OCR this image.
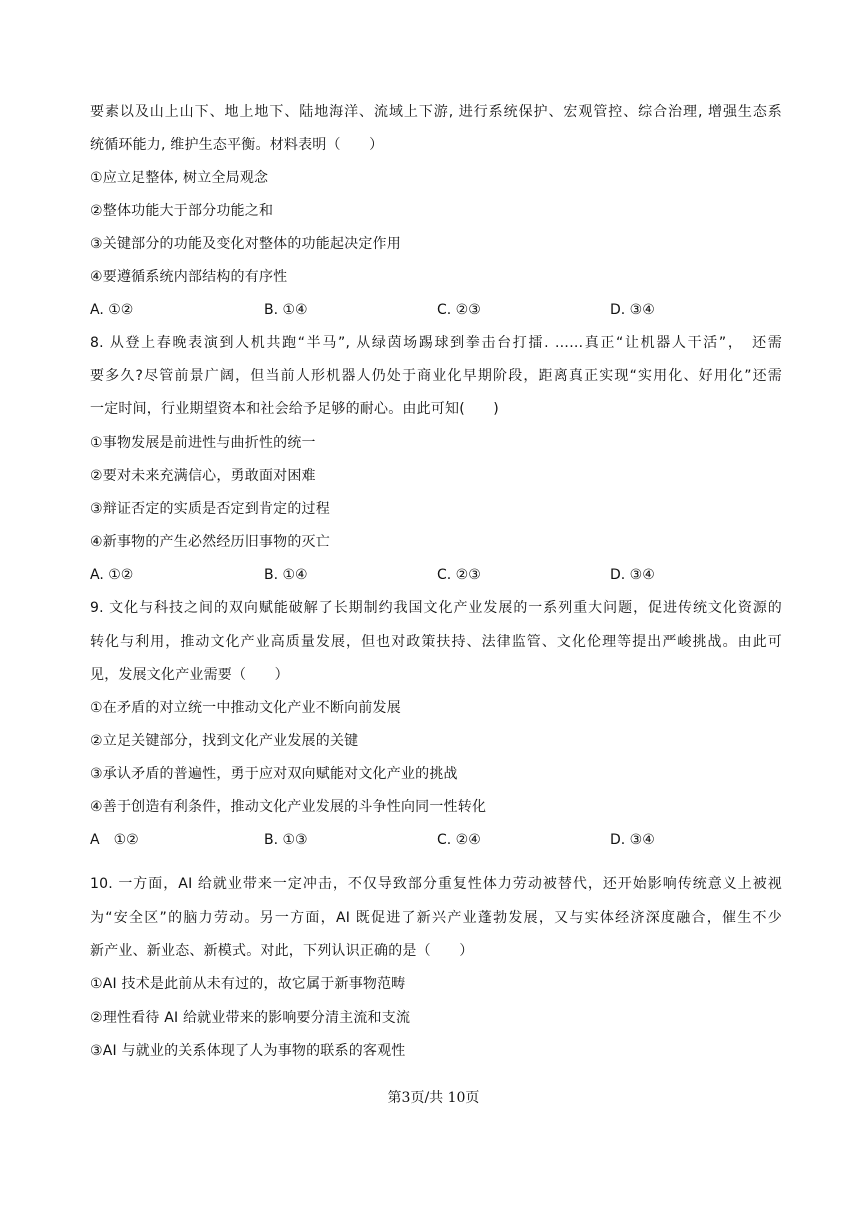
要素以及山上山下、地上地下、陆地海洋、流域上下游, 进行系统保护、宏观管控、综合治理, 增强生态系
统循环能力, 维护生态平衡。材料表明（　　）
①应立足整体, 树立全局观念
②整体功能大于部分功能之和
③关键部分的功能及变化对整体的功能起决定作用
④要遵循系统内部结构的有序性
A. ①②	B. ①④	C. ②③	D. ③④
8. 从登上春晚表演到人机共跑“半马”, 从绿茵场踢球到拳击台打擂. ……真正“让机器人干活”，　还需
要多久?尽管前景广阔，但当前人形机器人仍处于商业化早期阶段，距离真正实现“实用化、好用化”还需
一定时间，行业期望资本和社会给予足够的耐心。由此可知(　　)
①事物发展是前进性与曲折性的统一
②要对未来充满信心，勇敢面对困难
③辩证否定的实质是否定到肯定的过程
④新事物的产生必然经历旧事物的灭亡
A. ①②	B. ①④	C. ②③	D. ③④
9. 文化与科技之间的双向赋能破解了长期制约我国文化产业发展的一系列重大问题，促进传统文化资源的
转化与利用，推动文化产业高质量发展，但也对政策扶持、法律监管、文化伦理等提出严峻挑战。由此可
见，发展文化产业需要（　　）
①在矛盾的对立统一中推动文化产业不断向前发展
②立足关键部分，找到文化产业发展的关键
③承认矛盾的普遍性，勇于应对双向赋能对文化产业的挑战
④善于创造有利条件，推动文化产业发展的斗争性向同一性转化
A　①②	B. ①③	C. ②④	D. ③④
10. 一方面，AI 给就业带来一定冲击，不仅导致部分重复性体力劳动被替代，还开始影响传统意义上被视
为“安全区”的脑力劳动。另一方面，AI 既促进了新兴产业蓬勃发展，又与实体经济深度融合，催生不少
新产业、新业态、新模式。对此，下列认识正确的是（　　）
①AI 技术是此前从未有过的，故它属于新事物范畴
②理性看待 AI 给就业带来的影响要分清主流和支流
③AI 与就业的关系体现了人为事物的联系的客观性
第3页/共 10页
